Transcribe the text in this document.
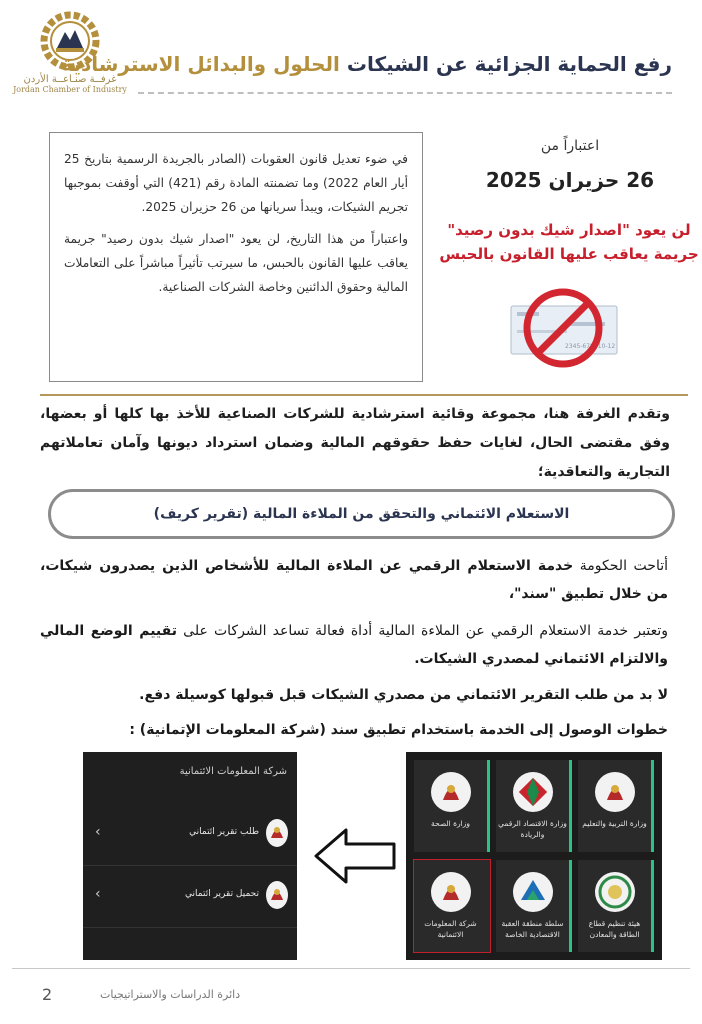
غرفــة صنـاعــة الأردن
Jordan Chamber of Industry
رفع الحماية الجزائية عن الشيكات الحلول والبدائل الاسترشادية

في ضوء تعديل قانون العقوبات (الصادر بالجريدة الرسمية بتاريخ 25 أيار العام 2022) وما تضمنته المادة رقم (421) التي أوقفت بموجبها تجريم الشيكات، ويبدأ سريانها من 26 حزيران 2025.

واعتباراً من هذا التاريخ، لن يعود "اصدار شيك بدون رصيد" جريمة يعاقب عليها القانون بالحبس، ما سيرتب تأثيراً مباشراً على التعاملات المالية وحقوق الدائنين وخاصة الشركات الصناعية.

اعتباراً من
26 حزيران 2025
لن يعود "اصدار شيك بدون رصيد"
جريمة يعاقب عليها القانون بالحبس
2345-678910-12
وتقدم الغرفة هنا، مجموعة وقائية استرشادية للشركات الصناعية للأخذ بها كلها أو بعضها، وفق مقتضى الحال، لغايات حفظ حقوقهم المالية وضمان استرداد ديونها وآمان تعاملاتهم التجارية والتعاقدية؛
الاستعلام الائتماني والتحقق من الملاءة المالية (تقرير كريف)
أتاحت الحكومة خدمة الاستعلام الرقمي عن الملاءة المالية للأشخاص الذين يصدرون شيكات، من خلال تطبيق "سند"،
وتعتبر خدمة الاستعلام الرقمي عن الملاءة المالية أداة فعالة تساعد الشركات على تقييم الوضع المالي والالتزام الائتماني لمصدري الشيكات.
لا بد من طلب التقرير الائتماني من مصدري الشيكات قبل قبولها كوسيلة دفع.
خطوات الوصول إلى الخدمة باستخدام تطبيق سند (شركة المعلومات الإتمانية) :
شركة المعلومات الائتمانية
طلب تقرير ائتماني
›
تحميل تقرير ائتماني
›
وزارة التربية والتعليم
وزارة الاقتصاد الرقمي والريادة
وزارة الصحة
هيئة تنظيم قطاع الطاقة والمعادن
سلطة منطقة العقبة الاقتصادية الخاصة
شركة المعلومات الائتمانية
2	دائرة الدراسات والاستراتيجيات
